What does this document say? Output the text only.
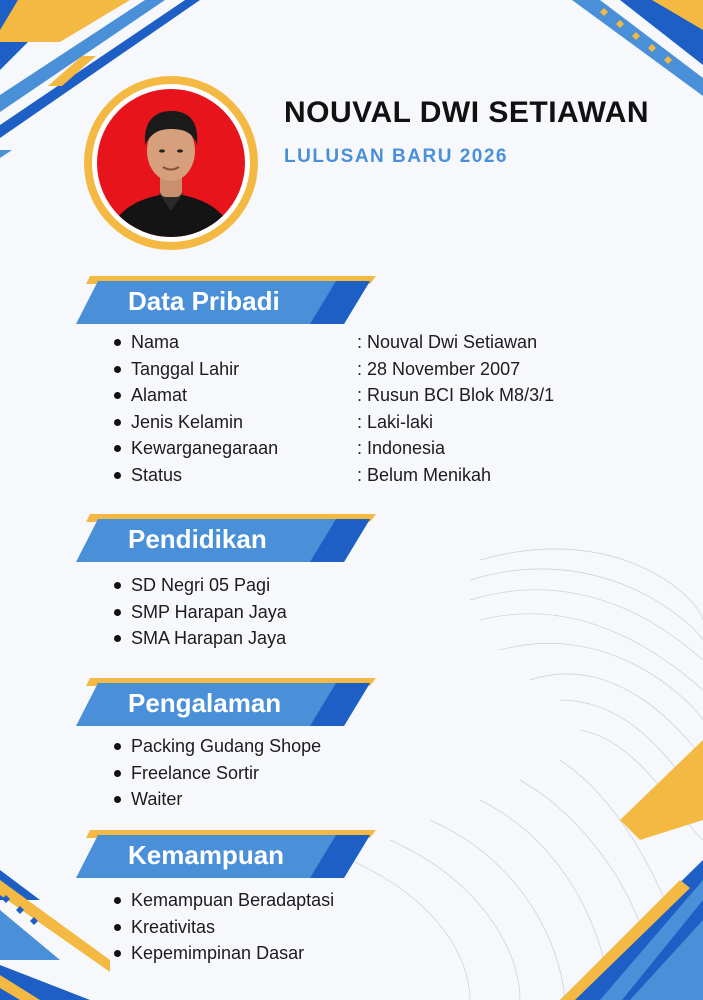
NOUVAL DWI SETIAWAN
LULUSAN BARU 2026
Data Pribadi
Nama	: Nouval Dwi Setiawan
Tanggal Lahir	: 28 November 2007
Alamat	: Rusun BCI Blok M8/3/1
Jenis Kelamin	: Laki-laki
Kewarganegaraan	: Indonesia
Status	: Belum Menikah
Pendidikan
SD Negri 05 Pagi
SMP Harapan Jaya
SMA Harapan Jaya
Pengalaman
Packing Gudang Shope
Freelance Sortir
Waiter
Kemampuan
Kemampuan Beradaptasi
Kreativitas
Kepemimpinan Dasar
